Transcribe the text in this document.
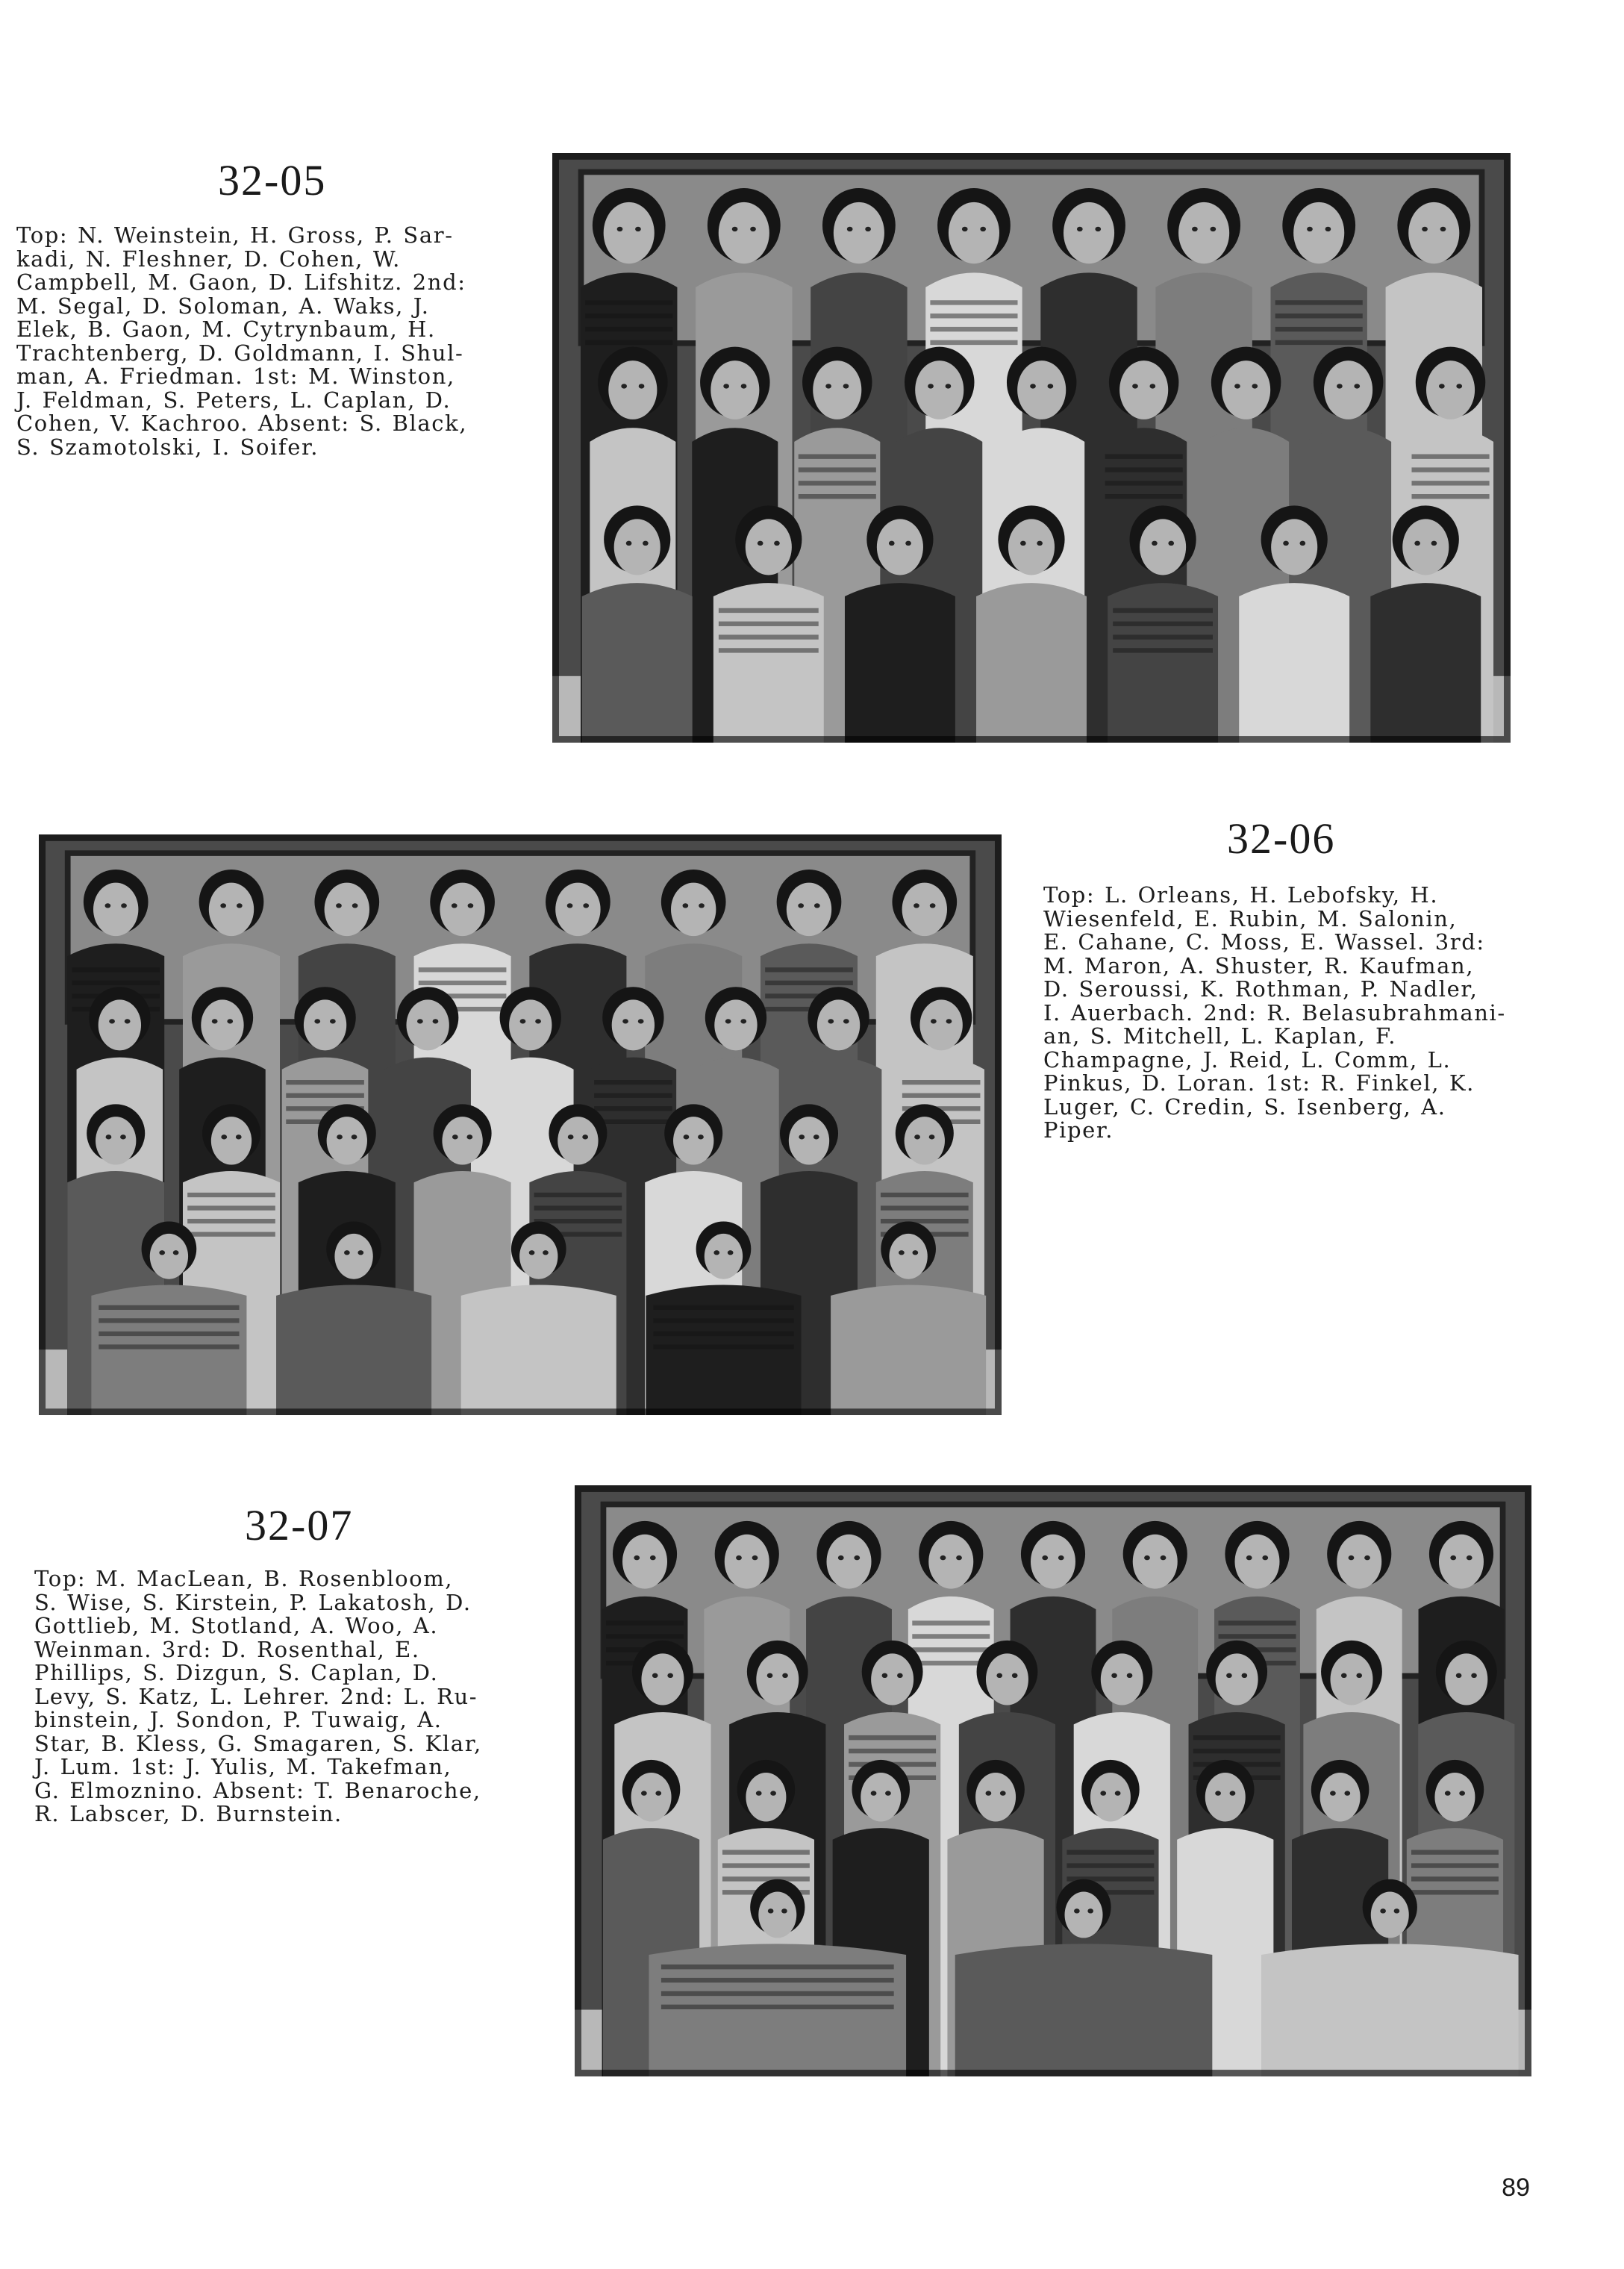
32-05

Top: N. Weinstein, H. Gross, P. Sar-
kadi, N. Fleshner, D. Cohen, W.
Campbell, M. Gaon, D. Lifshitz. 2nd:
M. Segal, D. Soloman, A. Waks, J.
Elek, B. Gaon, M. Cytrynbaum, H.
Trachtenberg, D. Goldmann, I. Shul-
man, A. Friedman. 1st: M. Winston,
J. Feldman, S. Peters, L. Caplan, D.
Cohen, V. Kachroo. Absent: S. Black,
S. Szamotolski, I. Soifer.

32-06

Top: L. Orleans, H. Lebofsky, H.
Wiesenfeld, E. Rubin, M. Salonin,
E. Cahane, C. Moss, E. Wassel. 3rd:
M. Maron, A. Shuster, R. Kaufman,
D. Seroussi, K. Rothman, P. Nadler,
I. Auerbach. 2nd: R. Belasubrahmani-
an, S. Mitchell, L. Kaplan, F.
Champagne, J. Reid, L. Comm, L.
Pinkus, D. Loran. 1st: R. Finkel, K.
Luger, C. Credin, S. Isenberg, A.
Piper.

32-07

Top: M. MacLean, B. Rosenbloom,
S. Wise, S. Kirstein, P. Lakatosh, D.
Gottlieb, M. Stotland, A. Woo, A.
Weinman. 3rd: D. Rosenthal, E.
Phillips, S. Dizgun, S. Caplan, D.
Levy, S. Katz, L. Lehrer. 2nd: L. Ru-
binstein, J. Sondon, P. Tuwaig, A.
Star, B. Kless, G. Smagaren, S. Klar,
J. Lum. 1st: J. Yulis, M. Takefman,
G. Elmoznino. Absent: T. Benaroche,
R. Labscer, D. Burnstein.

89
